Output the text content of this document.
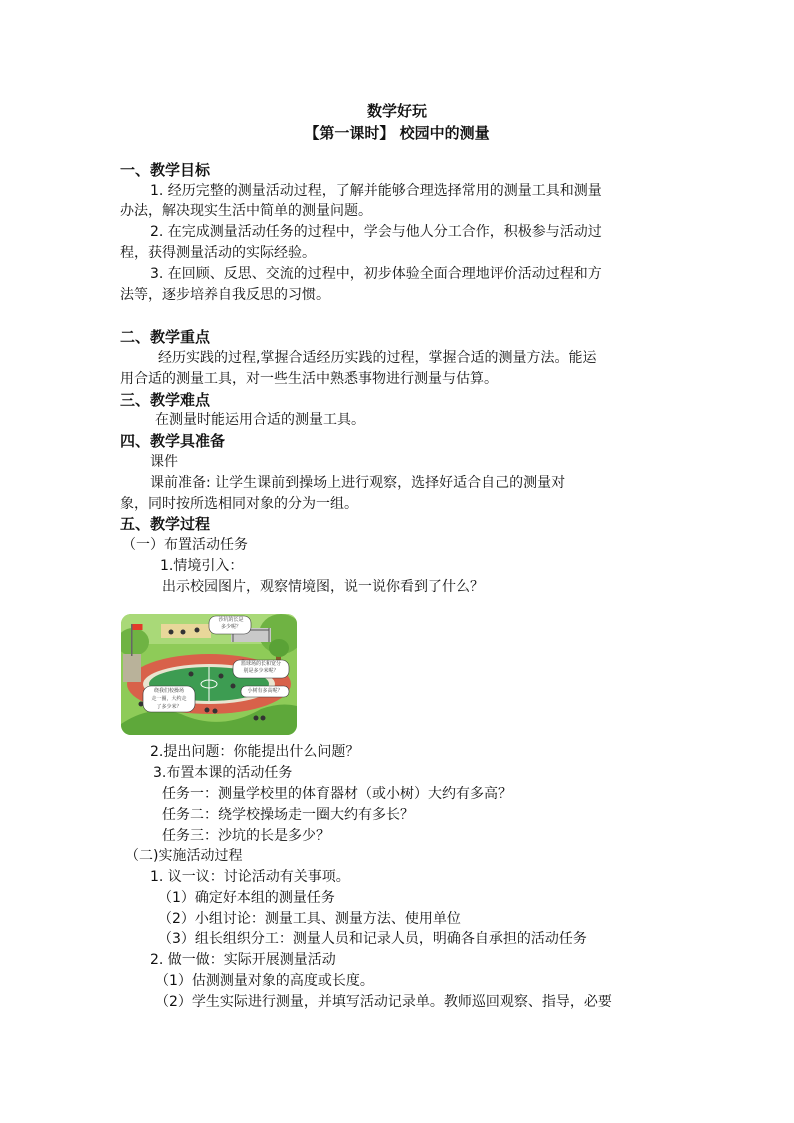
数学好玩
【第一课时】 校园中的测量
一、教学目标
1. 经历完整的测量活动过程，了解并能够合理选择常用的测量工具和测量
办法，解决现实生活中简单的测量问题。
2. 在完成测量活动任务的过程中，学会与他人分工合作，积极参与活动过
程，获得测量活动的实际经验。
3. 在回顾、反思、交流的过程中，初步体验全面合理地评价活动过程和方
法等，逐步培养自我反思的习惯。
二、教学重点
经历实践的过程,掌握合适经历实践的过程，掌握合适的测量方法。能运
用合适的测量工具，对一些生活中熟悉事物进行测量与估算。
三、教学难点
在测量时能运用合适的测量工具。
四、教学具准备
课件
课前准备: 让学生课前到操场上进行观察，选择好适合自己的测量对
象，同时按所选相同对象的分为一组。
五、教学过程
（一）布置活动任务
1.情境引入：
出示校园图片，观察情境图，说一说你看到了什么？
沙坑的长是
多少呢？
篮球场的长和宽分
别是多少米呢？
小树有多高呢？
绕我们校操场
走一圈，大约走
了多少米？
2.提出问题：你能提出什么问题？
3.布置本课的活动任务
任务一：测量学校里的体育器材（或小树）大约有多高？
任务二：绕学校操场走一圈大约有多长？
任务三：沙坑的长是多少？
（二)实施活动过程
1. 议一议：讨论活动有关事项。
（1）确定好本组的测量任务
（2）小组讨论：测量工具、测量方法、使用单位
（3）组长组织分工：测量人员和记录人员，明确各自承担的活动任务
2. 做一做：实际开展测量活动
（1）估测测量对象的高度或长度。
（2）学生实际进行测量，并填写活动记录单。教师巡回观察、指导，必要
